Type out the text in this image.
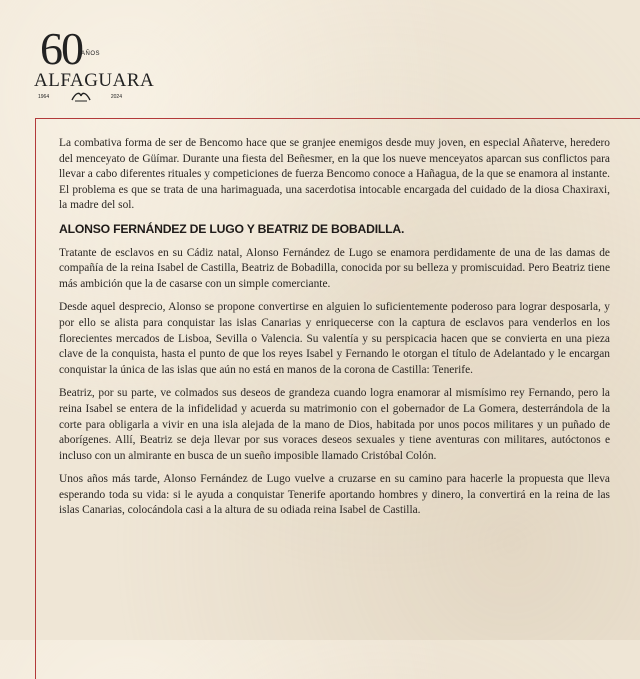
60 AÑOS
ALFAGUARA
1964	2024

La combativa forma de ser de Bencomo hace que se granjee enemigos desde muy joven, en especial Añaterve, heredero del menceyato de Güímar. Durante una fiesta del Beñesmer, en la que los nueve menceyatos aparcan sus conflictos para llevar a cabo diferentes rituales y competiciones de fuerza Bencomo conoce a Hañagua, de la que se enamora al instante. El problema es que se trata de una harimaguada, una sacerdotisa intocable encargada del cuidado de la diosa Chaxiraxi, la madre del sol.

ALONSO FERNÁNDEZ DE LUGO Y BEATRIZ DE BOBADILLA.

Tratante de esclavos en su Cádiz natal, Alonso Fernández de Lugo se enamora perdidamente de una de las damas de compañía de la reina Isabel de Castilla, Beatriz de Bobadilla, conocida por su belleza y promiscuidad. Pero Beatriz tiene más ambición que la de casarse con un simple comerciante.

Desde aquel desprecio, Alonso se propone convertirse en alguien lo suficientemente poderoso para lograr desposarla, y por ello se alista para conquistar las islas Canarias y enriquecerse con la captura de esclavos para venderlos en los florecientes mercados de Lisboa, Sevilla o Valencia. Su valentía y su perspicacia hacen que se convierta en una pieza clave de la conquista, hasta el punto de que los reyes Isabel y Fernando le otorgan el título de Adelantado y le encargan conquistar la única de las islas que aún no está en manos de la corona de Castilla: Tenerife.

Beatriz, por su parte, ve colmados sus deseos de grandeza cuando logra enamorar al mismísimo rey Fernando, pero la reina Isabel se entera de la infidelidad y acuerda su matrimonio con el gobernador de La Gomera, desterrándola de la corte para obligarla a vivir en una isla alejada de la mano de Dios, habitada por unos pocos militares y un puñado de aborígenes. Allí, Beatriz se deja llevar por sus voraces deseos sexuales y tiene aventuras con militares, autóctonos e incluso con un almirante en busca de un sueño imposible llamado Cristóbal Colón.

Unos años más tarde, Alonso Fernández de Lugo vuelve a cruzarse en su camino para hacerle la propuesta que lleva esperando toda su vida: si le ayuda a conquistar Tenerife aportando hombres y dinero, la convertirá en la reina de las islas Canarias, colocándola casi a la altura de su odiada reina Isabel de Castilla.
